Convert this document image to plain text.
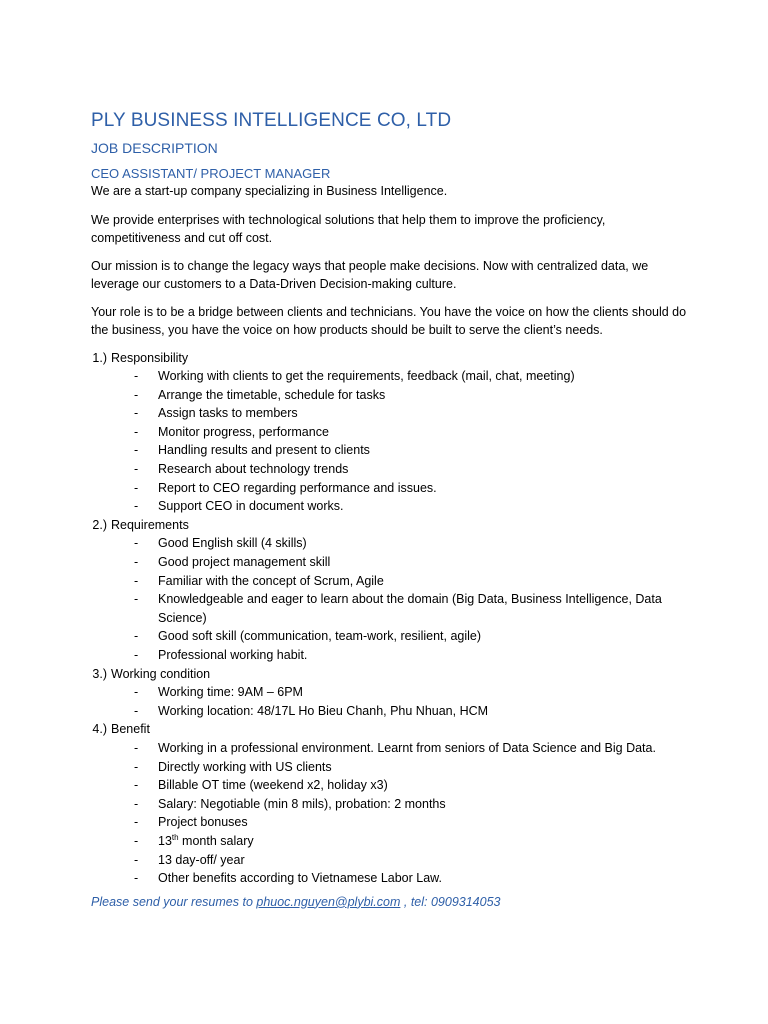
PLY BUSINESS INTELLIGENCE CO, LTD
JOB DESCRIPTION
CEO ASSISTANT/ PROJECT MANAGER

We are a start-up company specializing in Business Intelligence.

We provide enterprises with technological solutions that help them to improve the proficiency, competitiveness and cut off cost.

Our mission is to change the legacy ways that people make decisions. Now with centralized data, we leverage our customers to a Data-Driven Decision-making culture.

Your role is to be a bridge between clients and technicians. You have the voice on how the clients should do the business, you have the voice on how products should be built to serve the client’s needs.

1.) Responsibility
-	Working with clients to get the requirements, feedback (mail, chat, meeting)
-	Arrange the timetable, schedule for tasks
-	Assign tasks to members
-	Monitor progress, performance
-	Handling results and present to clients
-	Research about technology trends
-	Report to CEO regarding performance and issues.
-	Support CEO in document works.
2.) Requirements
-	Good English skill (4 skills)
-	Good project management skill
-	Familiar with the concept of Scrum, Agile
-	Knowledgeable and eager to learn about the domain (Big Data, Business Intelligence, Data Science)
-	Good soft skill (communication, team-work, resilient, agile)
-	Professional working habit.
3.) Working condition
-	Working time: 9AM – 6PM
-	Working location: 48/17L Ho Bieu Chanh, Phu Nhuan, HCM
4.) Benefit
-	Working in a professional environment. Learnt from seniors of Data Science and Big Data.
-	Directly working with US clients
-	Billable OT time (weekend x2, holiday x3)
-	Salary: Negotiable (min 8 mils), probation: 2 months
-	Project bonuses
-	13th month salary
-	13 day-off/ year
-	Other benefits according to Vietnamese Labor Law.
Please send your resumes to phuoc.nguyen@plybi.com , tel: 0909314053
